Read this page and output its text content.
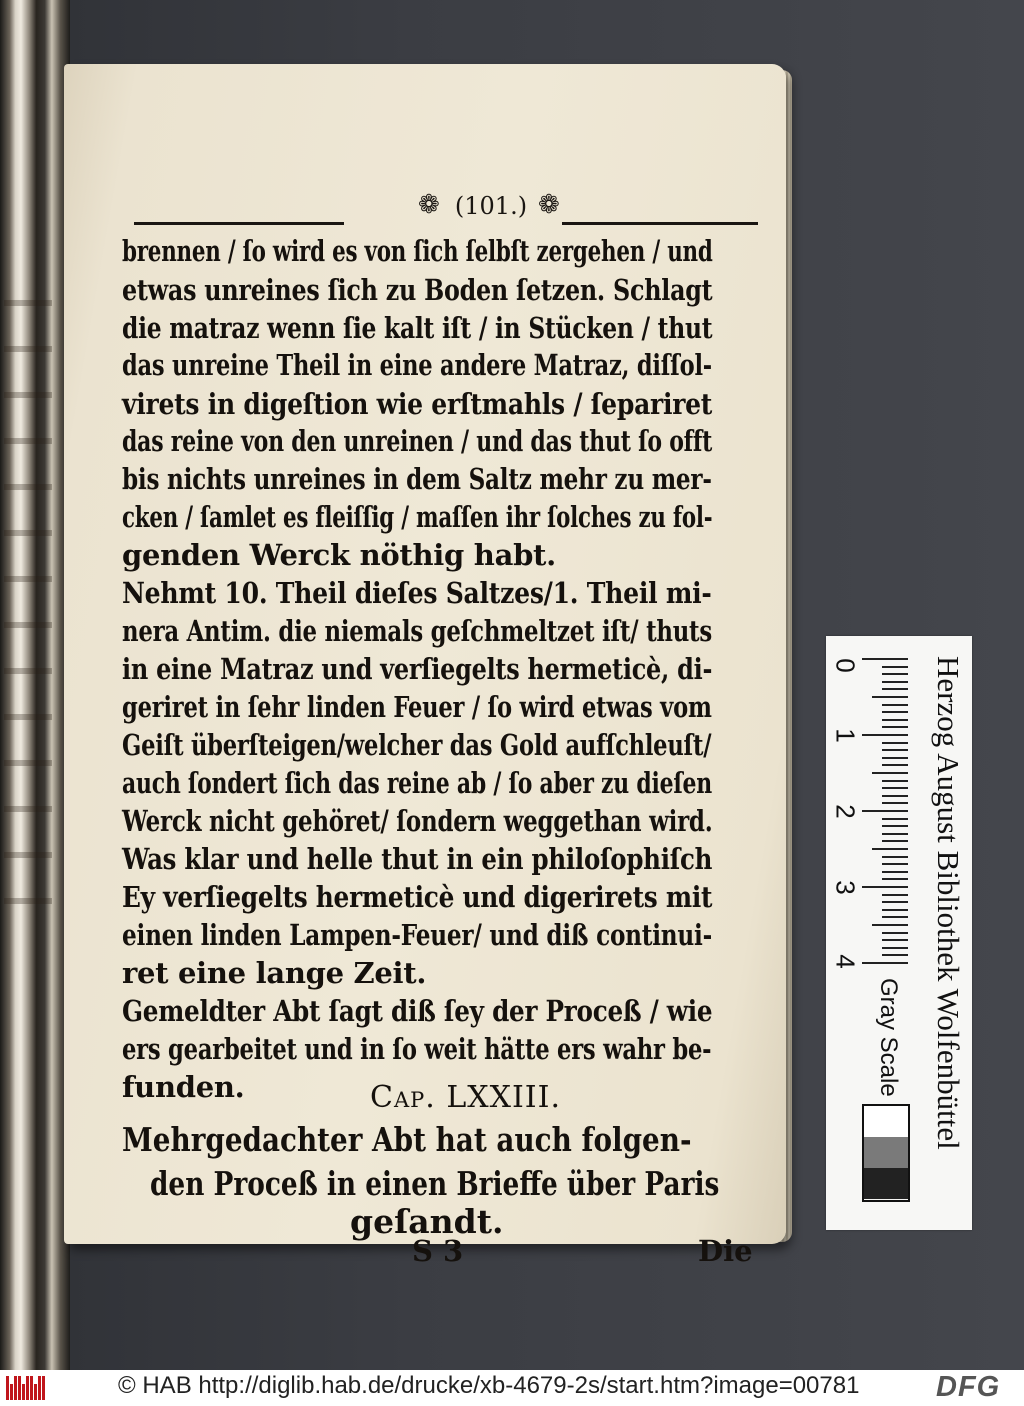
❁ (101.) ❁
brennen / ſo wird es von ſich ſelbſt zergehen / und
etwas unreines ſich zu Boden ſetzen. Schlagt
die matraz wenn ſie kalt iſt / in Stücken / thut
das unreine Theil in eine andere Matraz, diſſol-
virets in digeſtion wie erſtmahls / ſepariret
das reine von den unreinen / und das thut ſo offt
bis nichts unreines in dem Saltz mehr zu mer-
cken / ſamlet es fleiſſig / maſſen ihr ſolches zu fol-
genden Werck nöthig habt.
Nehmt 10. Theil dieſes Saltzes/1. Theil mi-
nera Antim. die niemals geſchmeltzet iſt/ thuts
in eine Matraz und verſiegelts hermeticè, di-
geriret in ſehr linden Feuer / ſo wird etwas vom
Geiſt überſteigen/welcher das Gold aufſchleuſt/
auch ſondert ſich das reine ab / ſo aber zu dieſen
Werck nicht gehöret/ ſondern weggethan wird.
Was klar und helle thut in ein philoſophiſch
Ey verſiegelts hermeticè und digerirets mit
einen linden Lampen-Feuer/ und diß continui-
ret eine lange Zeit.
Gemeldter Abt ſagt diß ſey der Proceß / wie
ers gearbeitet und in ſo weit hätte ers wahr be-
funden.	Cap. LXXIII.
Mehrgedachter Abt hat auch folgen-
den Proceß in einen Brieffe über Paris
geſandt.
S 3	Die
Herzog August Bibliothek Wolfenbüttel
0
1
2
3
4
Gray Scale
© HAB http://diglib.hab.de/drucke/xb-4679-2s/start.htm?image=00781	DFG
